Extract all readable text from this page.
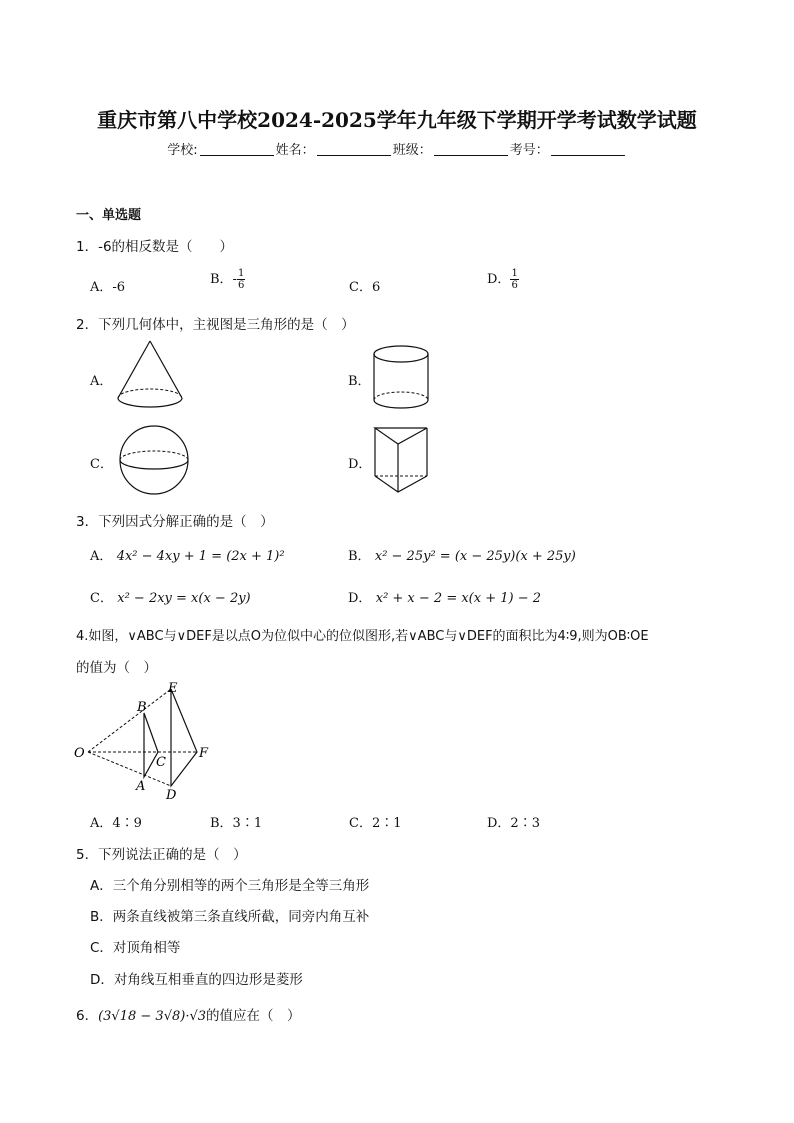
重庆市第八中学校2024-2025学年九年级下学期开学考试数学试题
学校:	姓名：	班级：	考号：
一、单选题
1．-6的相反数是（　　）
A．-6
B．- $\frac{1}{6}$	C．6
D． $\frac{1}{6}$
2．下列几何体中，主视图是三角形的是（　）
A．	B．
C．	D．
3．下列因式分解正确的是（　）
A． 4x² − 4xy + 1 = (2x + 1)²	B． x² − 25y² = (x − 25y)(x + 25y)
C． x² − 2xy = x(x − 2y)	D． x² + x − 2 = x(x + 1) − 2
4.如图，∨ABC与∨DEF是以点O为位似中心的位似图形,若∨ABC与∨DEF的面积比为4∶9,则为OB∶OE
的值为（　）
O
B
A
C
E
D
F
A．4∶9	B．3∶1	C．2∶1	D．2∶3
5．下列说法正确的是（　）
A．三个角分别相等的两个三角形是全等三角形
B．两条直线被第三条直线所截，同旁内角互补
C．对顶角相等
D．对角线互相垂直的四边形是菱形
6．(3√18 − 3√8)·√3的值应在（　）
